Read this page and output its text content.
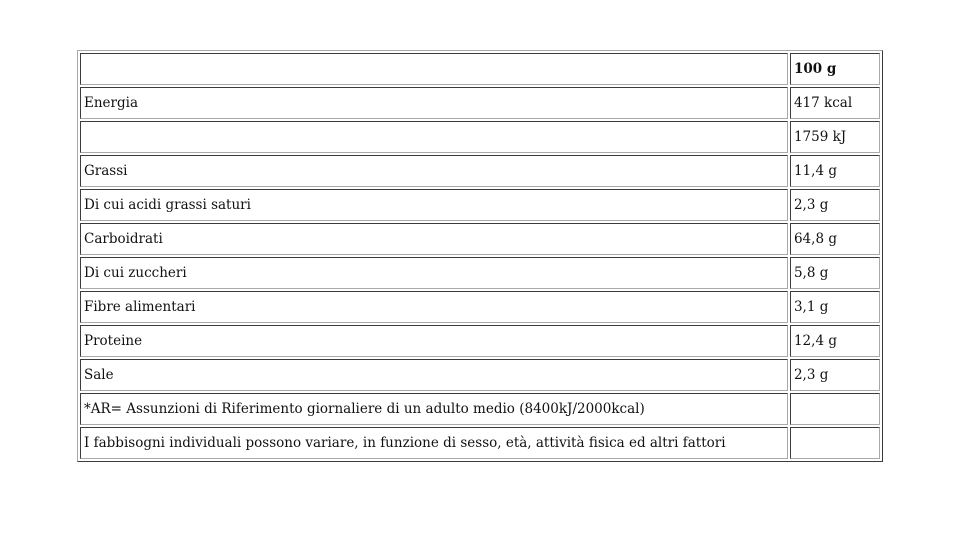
	100 g
Energia	417 kcal
	1759 kJ
Grassi	11,4 g
Di cui acidi grassi saturi	2,3 g
Carboidrati	64,8 g
Di cui zuccheri	5,8 g
Fibre alimentari	3,1 g
Proteine	12,4 g
Sale	2,3 g
*AR= Assunzioni di Riferimento giornaliere di un adulto medio (8400kJ/2000kcal)	
I fabbisogni individuali possono variare, in funzione di sesso, età, attività fisica ed altri fattori	
